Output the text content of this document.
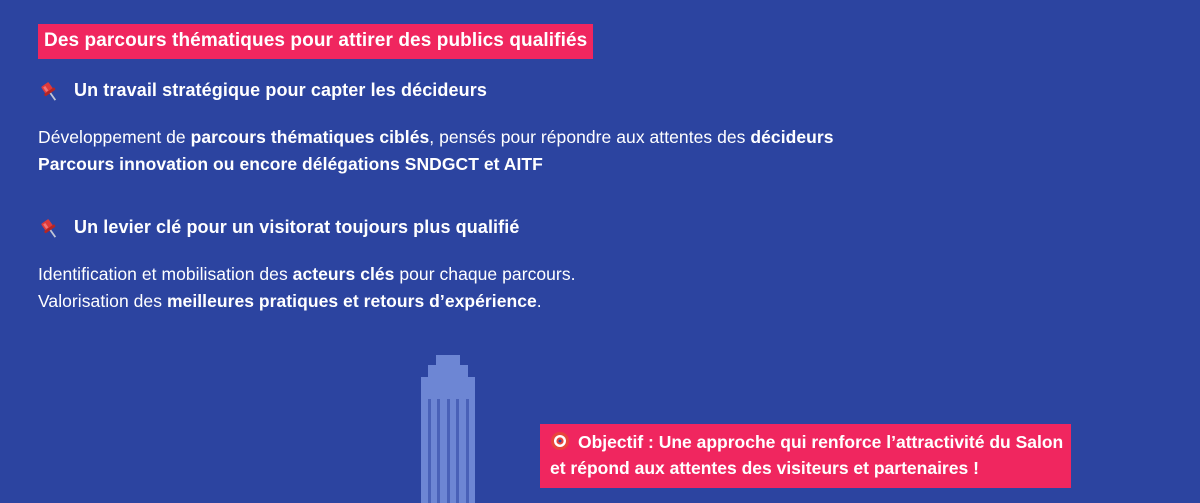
Des parcours thématiques pour attirer des publics qualifiés
Un travail stratégique pour capter les décideurs
Développement de parcours thématiques ciblés, pensés pour répondre aux attentes des décideurs
Parcours innovation ou encore délégations SNDGCT et AITF
Un levier clé pour un visitorat toujours plus qualifié
Identification et mobilisation des acteurs clés pour chaque parcours.
Valorisation des meilleures pratiques et retours d’expérience.
Objectif : Une approche qui renforce l’attractivité du Salon
et répond aux attentes des visiteurs et partenaires !
